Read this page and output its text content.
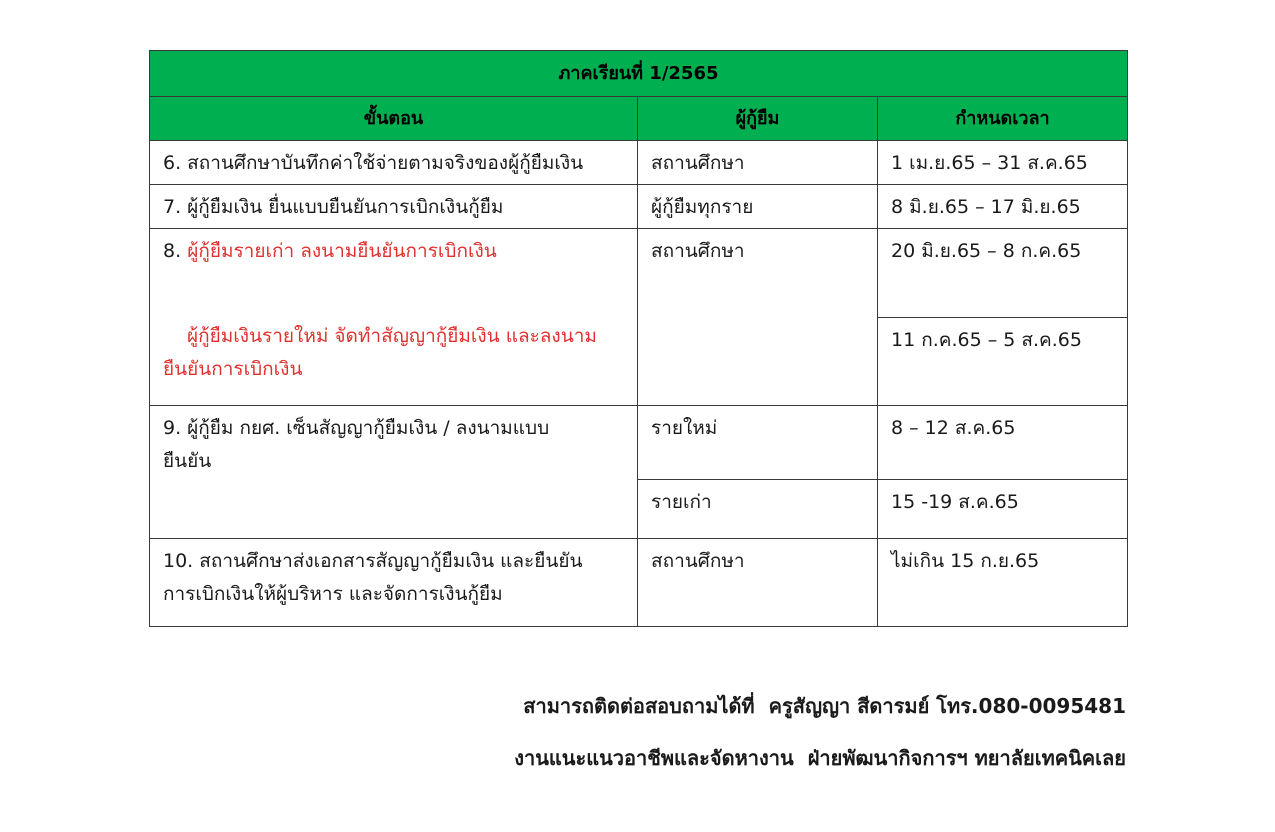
ภาคเรียนที่ 1/2565		
ขั้นตอน	ผู้กู้ยืม	กำหนดเวลา

6. สถานศึกษาบันทึกค่าใช้จ่ายตามจริงของผู้กู้ยืมเงิน	สถานศึกษา	1 เม.ย.65 – 31 ส.ค.65

7. ผู้กู้ยืมเงิน ยื่นแบบยืนยันการเบิกเงินกู้ยืม	ผู้กู้ยืมทุกราย	8 มิ.ย.65 – 17 มิ.ย.65

8. ผู้กู้ยืมรายเก่า ลงนามยืนยันการเบิกเงิน
ผู้กู้ยืมเงินรายใหม่ จัดทำสัญญากู้ยืมเงิน และลงนาม
ยืนยันการเบิกเงิน	สถานศึกษา	20 มิ.ย.65 – 8 ก.ค.65

		11 ก.ค.65 – 5 ส.ค.65

9. ผู้กู้ยืม กยศ. เซ็นสัญญากู้ยืมเงิน / ลงนามแบบ
ยืนยัน	รายใหม่	8 – 12 ส.ค.65

	รายเก่า	15 -19 ส.ค.65

10. สถานศึกษาส่งเอกสารสัญญากู้ยืมเงิน และยืนยัน
การเบิกเงินให้ผู้บริหาร และจัดการเงินกู้ยืม	สถานศึกษา	ไม่เกิน 15 ก.ย.65
สามารถติดต่อสอบถามได้ที่ ครูสัญญา สีดารมย์ โทร.080-0095481
งานแนะแนวอาชีพและจัดหางาน ฝ่ายพัฒนากิจการฯ ทยาลัยเทคนิคเลย
